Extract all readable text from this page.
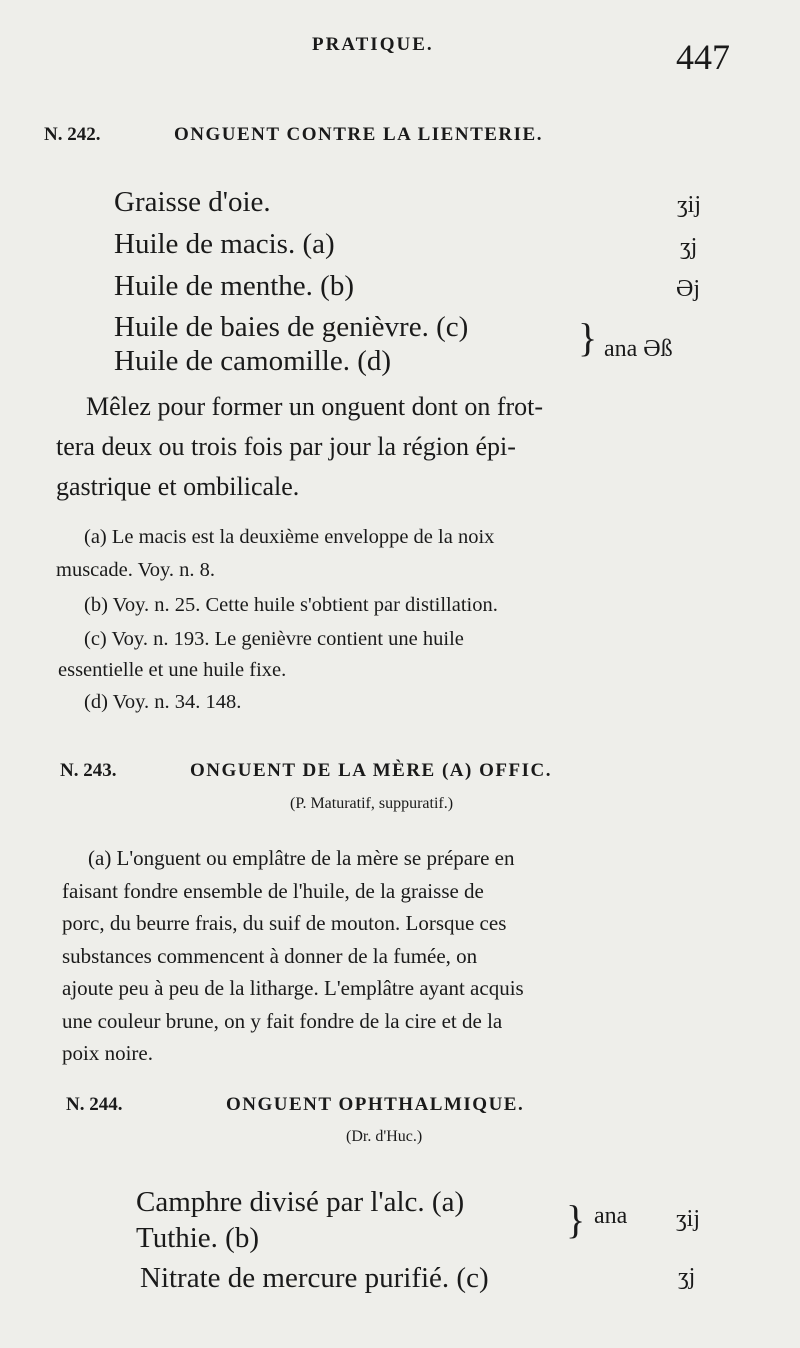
PRATIQUE.	447
N. 242.	ONGUENT CONTRE LA LIENTERIE.
Graisse d'oie.	ʒij
Huile de macis. (a)	ʒj
Huile de menthe. (b)	Əj
Huile de baies de genièvre. (c)
Huile de camomille. (d)
} ana Əß
Mêlez pour former un onguent dont on frot-
tera deux ou trois fois par jour la région épi-
gastrique et ombilicale.
(a) Le macis est la deuxième enveloppe de la noix
muscade. Voy. n. 8.
(b) Voy. n. 25. Cette huile s'obtient par distillation.
(c) Voy. n. 193. Le genièvre contient une huile
essentielle et une huile fixe.
(d) Voy. n. 34. 148.
N. 243.	ONGUENT DE LA MÈRE (A) OFFIC.
(P. Maturatif, suppuratif.)
(a) L'onguent ou emplâtre de la mère se prépare en
faisant fondre ensemble de l'huile, de la graisse de
porc, du beurre frais, du suif de mouton. Lorsque ces
substances commencent à donner de la fumée, on
ajoute peu à peu de la litharge. L'emplâtre ayant acquis
une couleur brune, on y fait fondre de la cire et de la
poix noire.
N. 244.	ONGUENT OPHTHALMIQUE.
(Dr. d'Huc.)
Camphre divisé par l'alc. (a)
Tuthie. (b)	} ana ʒij
Nitrate de mercure purifié. (c)	ʒj
